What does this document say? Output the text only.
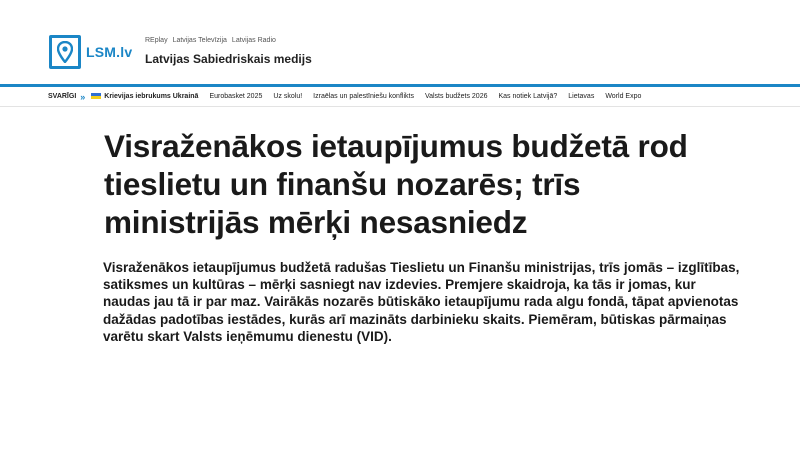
LSM.lv
REplay Latvijas Televīzija Latvijas Radio
Latvijas Sabiedriskais medijs
SVARĪGI »	Krievijas iebrukums Ukrainā Eurobasket 2025 Uz skolu! Izraēlas un palestīniešu konflikts Valsts budžets 2026 Kas notiek Latvijā? Lietavas World Expo
Visraženākos ietaupījumus budžetā rod tieslietu un finanšu nozarēs; trīs ministrijās mērķi nesasniedz

Visraženākos ietaupījumus budžetā radušas Tieslietu un Finanšu ministrijas, trīs jomās – izglītības, satiksmes un kultūras – mērķi sasniegt nav izdevies. Premjere skaidroja, ka tās ir jomas, kur naudas jau tā ir par maz. Vairākās nozarēs būtiskāko ietaupījumu rada algu fondā, tāpat apvienotas dažādas padotības iestādes, kurās arī mazināts darbinieku skaits. Piemēram, būtiskas pārmaiņas varētu skart Valsts ieņēmumu dienestu (VID).
